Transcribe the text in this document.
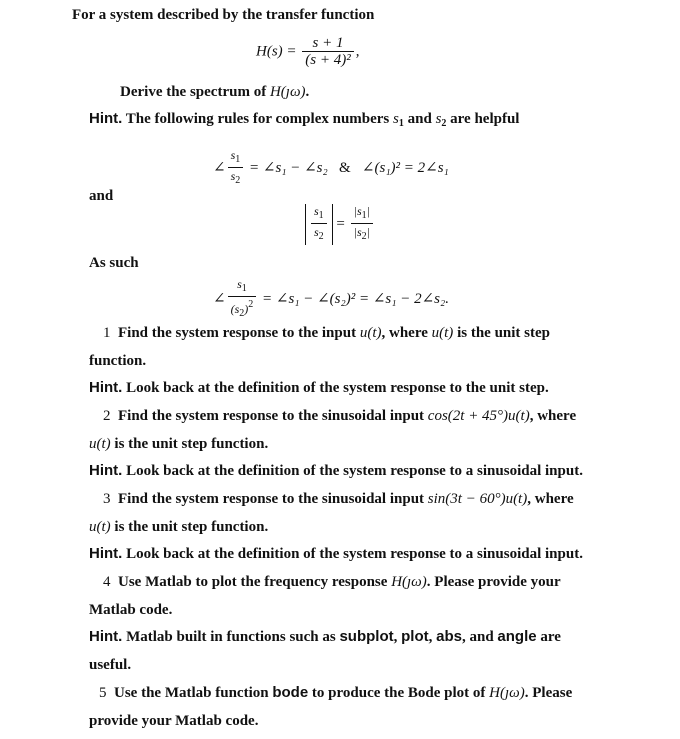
For a system described by the transfer function
$H(s) = \frac{s + 1}{\text{(s + 4)²}}$ ,
Derive the spectrum of H(ȷω).
Hint. The following rules for complex numbers $s_1$ and $s_2$ are helpful
∠ $\frac{s_1}{s_2}$ = ∠s₁ − ∠s₂ & ∠(s₁)² = 2∠s₁
and
$\frac{s_1}{s_2} = \frac{|s_1|}{|s_2|}$
As such
∠ $\frac{s_1}{(s_2)^2}$ = ∠s₁ − ∠(s₂)² = ∠s₁ − 2∠s₂.
1 Find the system response to the input u(t), where u(t) is the unit step
function.
Hint. Look back at the definition of the system response to the unit step.
2 Find the system response to the sinusoidal input cos(2t + 45°)u(t), where
u(t) is the unit step function.
Hint. Look back at the definition of the system response to a sinusoidal input.
3 Find the system response to the sinusoidal input sin(3t − 60°)u(t), where
u(t) is the unit step function.
Hint. Look back at the definition of the system response to a sinusoidal input.
4 Use Matlab to plot the frequency response H(ȷω). Please provide your
Matlab code.
Hint. Matlab built in functions such as subplot, plot, abs, and angle are
useful.
5 Use the Matlab function bode to produce the Bode plot of H(ȷω). Please
provide your Matlab code.
